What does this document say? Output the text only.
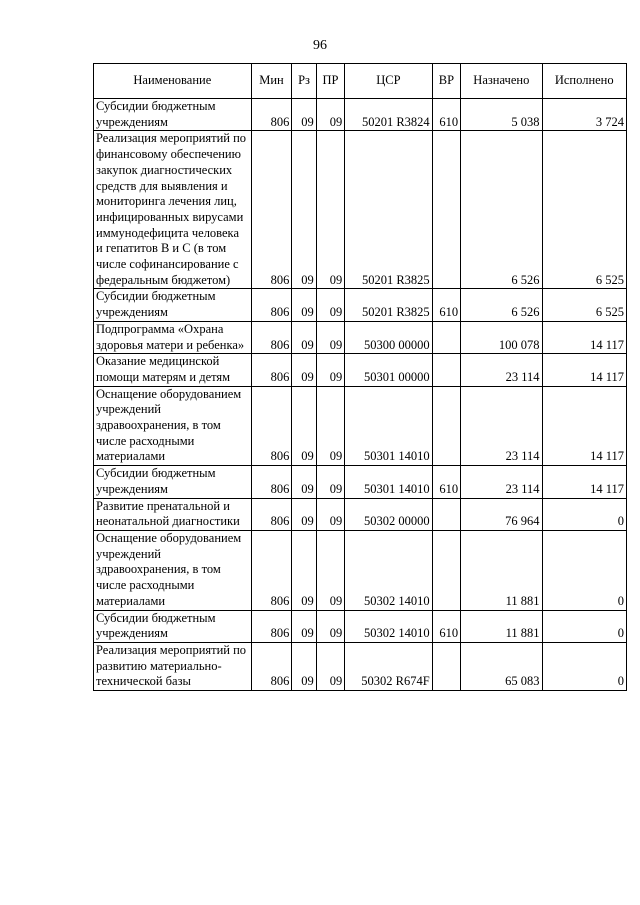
96
Наименование	Мин	Рз	ПР	ЦСР	ВР	Назначено	Исполнено
Субсидии бюджетным учреждениям	806	09	09	50201 R3824	610	5 038	3 724
Реализация мероприятий по финансовому обеспечению закупок диагностических средств для выявления и мониторинга лечения лиц, инфицированных вирусами иммунодефицита человека и гепатитов В и С (в том числе софинансирование с федеральным бюджетом)	806	09	09	50201 R3825		6 526	6 525
Субсидии бюджетным учреждениям	806	09	09	50201 R3825	610	6 526	6 525
Подпрограмма «Охрана здоровья матери и ребенка»	806	09	09	50300 00000		100 078	14 117
Оказание медицинской помощи матерям и детям	806	09	09	50301 00000		23 114	14 117
Оснащение оборудованием учреждений здравоохранения, в том числе расходными материалами	806	09	09	50301 14010		23 114	14 117
Субсидии бюджетным учреждениям	806	09	09	50301 14010	610	23 114	14 117
Развитие пренатальной и неонатальной диагностики	806	09	09	50302 00000		76 964	0
Оснащение оборудованием учреждений здравоохранения, в том числе расходными материалами	806	09	09	50302 14010		11 881	0
Субсидии бюджетным учреждениям	806	09	09	50302 14010	610	11 881	0
Реализация мероприятий по развитию материально-технической базы	806	09	09	50302 R674F		65 083	0
